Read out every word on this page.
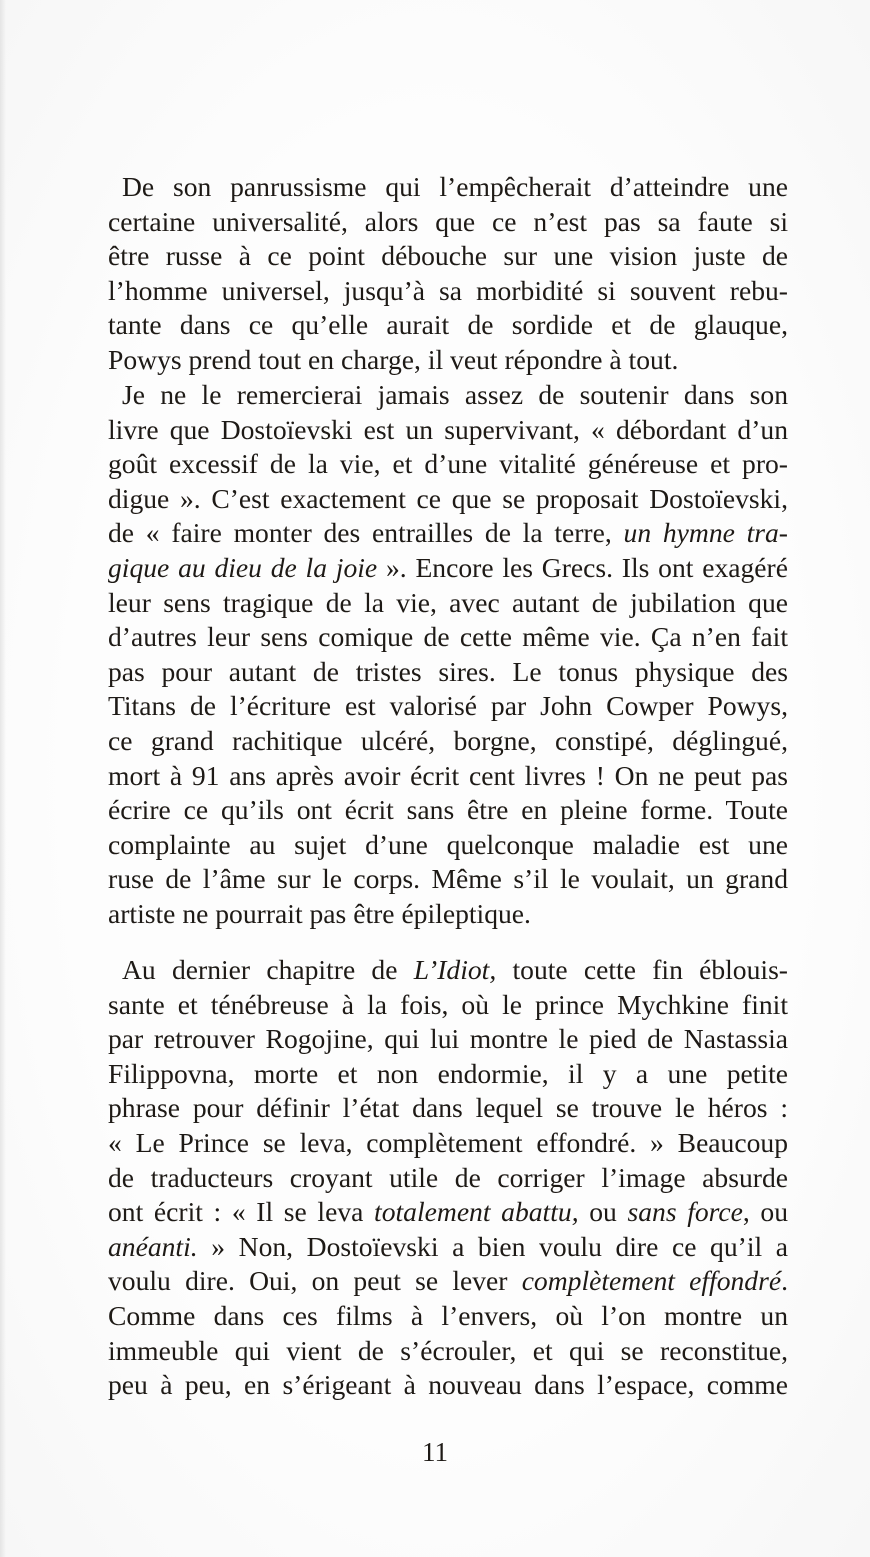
De son panrussisme qui l’empêcherait d’atteindre une
certaine universalité, alors que ce n’est pas sa faute si
être russe à ce point débouche sur une vision juste de
l’homme universel, jusqu’à sa morbidité si souvent rebu-
tante dans ce qu’elle aurait de sordide et de glauque,
Powys prend tout en charge, il veut répondre à tout.
Je ne le remercierai jamais assez de soutenir dans son
livre que Dostoïevski est un supervivant, « débordant d’un
goût excessif de la vie, et d’une vitalité généreuse et pro-
digue ». C’est exactement ce que se proposait Dostoïevski,
de « faire monter des entrailles de la terre, un hymne tra-
gique au dieu de la joie ». Encore les Grecs. Ils ont exagéré
leur sens tragique de la vie, avec autant de jubilation que
d’autres leur sens comique de cette même vie. Ça n’en fait
pas pour autant de tristes sires. Le tonus physique des
Titans de l’écriture est valorisé par John Cowper Powys,
ce grand rachitique ulcéré, borgne, constipé, déglingué,
mort à 91 ans après avoir écrit cent livres ! On ne peut pas
écrire ce qu’ils ont écrit sans être en pleine forme. Toute
complainte au sujet d’une quelconque maladie est une
ruse de l’âme sur le corps. Même s’il le voulait, un grand
artiste ne pourrait pas être épileptique.
Au dernier chapitre de L’Idiot, toute cette fin éblouis-
sante et ténébreuse à la fois, où le prince Mychkine finit
par retrouver Rogojine, qui lui montre le pied de Nastassia
Filippovna, morte et non endormie, il y a une petite
phrase pour définir l’état dans lequel se trouve le héros :
« Le Prince se leva, complètement effondré. » Beaucoup
de traducteurs croyant utile de corriger l’image absurde
ont écrit : « Il se leva totalement abattu, ou sans force, ou
anéanti. » Non, Dostoïevski a bien voulu dire ce qu’il a
voulu dire. Oui, on peut se lever complètement effondré.
Comme dans ces films à l’envers, où l’on montre un
immeuble qui vient de s’écrouler, et qui se reconstitue,
peu à peu, en s’érigeant à nouveau dans l’espace, comme
11
